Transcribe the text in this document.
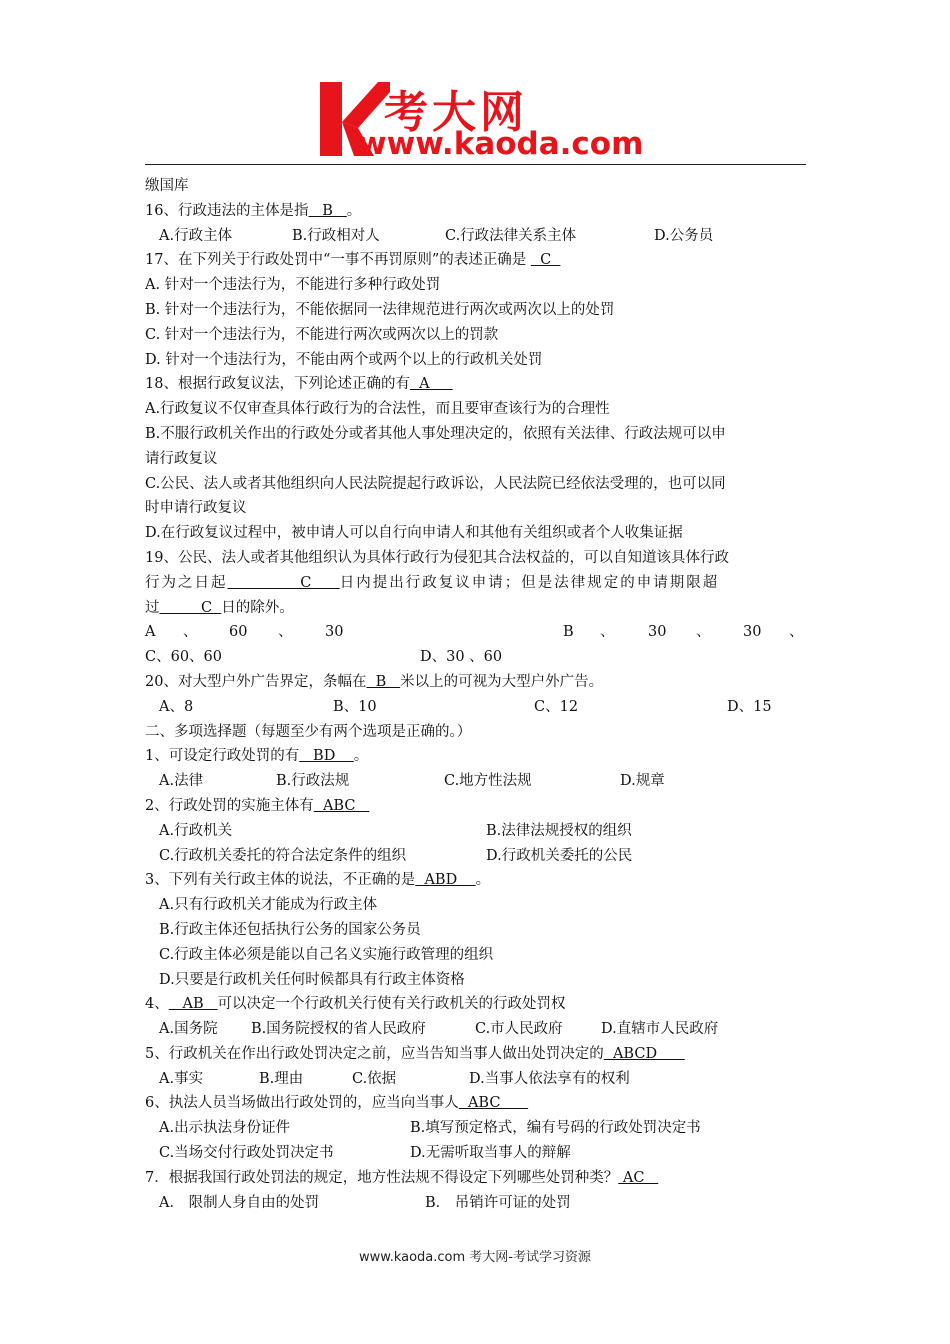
考大网
www.kaoda.com
缴国库
16、行政违法的主体是指   B   。
A.行政主体	B.行政相对人	C.行政法律关系主体	D.公务员
17、在下列关于行政处罚中“一事不再罚原则”的表述正确是   C
A. 针对一个违法行为，不能进行多种行政处罚
B. 针对一个违法行为，不能依据同一法律规范进行两次或两次以上的处罚
C. 针对一个违法行为，不能进行两次或两次以上的罚款
D. 针对一个违法行为，不能由两个或两个以上的行政机关处罚
18、根据行政复议法，下列论述正确的有  A
A.行政复议不仅审查具体行政行为的合法性，而且要审查该行为的合理性
B.不服行政机关作出的行政处分或者其他人事处理决定的，依照有关法律、行政法规可以申
请行政复议
C.公民、法人或者其他组织向人民法院提起行政诉讼，人民法院已经依法受理的，也可以同
时申请行政复议
D.在行政复议过程中，被申请人可以自行向申请人和其他有关组织或者个人收集证据
19、公民、法人或者其他组织认为具体行政行为侵犯其合法权益的，可以自知道该具体行政
行为之日起           C    日内提出行政复议申请；但是法律规定的申请期限超
过         C  日的除外。
A 、 60 、 30	B 、 30 、 30 、
C、60、60	D、30 、60
20、对大型户外广告界定，条幅在  B   米以上的可视为大型户外广告。
A、8	B、10	C、12	D、15
二、多项选择题（每题至少有两个选项是正确的。）
1、可设定行政处罚的有   BD    。
A.法律	B.行政法规	C.地方性法规	D.规章
2、行政处罚的实施主体有  ABC
A.行政机关	B.法律法规授权的组织
C.行政机关委托的符合法定条件的组织	D.行政机关委托的公民
3、下列有关行政主体的说法，不正确的是  ABD    。
A.只有行政机关才能成为行政主体
B.行政主体还包括执行公务的国家公务员
C.行政主体必须是能以自己名义实施行政管理的组织
D.只要是行政机关任何时候都具有行政主体资格
4、   AB   可以决定一个行政机关行使有关行政机关的行政处罚权
A.国务院 B.国务院授权的省人民政府	C.市人民政府	D.直辖市人民政府
5、行政机关在作出行政处罚决定之前，应当告知当事人做出处罚决定的  ABCD
A.事实	B.理由	C.依据	D.当事人依法享有的权利
6、执法人员当场做出行政处罚的，应当向当事人  ABC
A.出示执法身份证件	B.填写预定格式，编有号码的行政处罚决定书
C.当场交付行政处罚决定书	D.无需听取当事人的辩解
7．根据我国行政处罚法的规定，地方性法规不得设定下列哪些处罚种类？ AC
A． 限制人身自由的处罚	B． 吊销许可证的处罚
www.kaoda.com 考大网-考试学习资源
